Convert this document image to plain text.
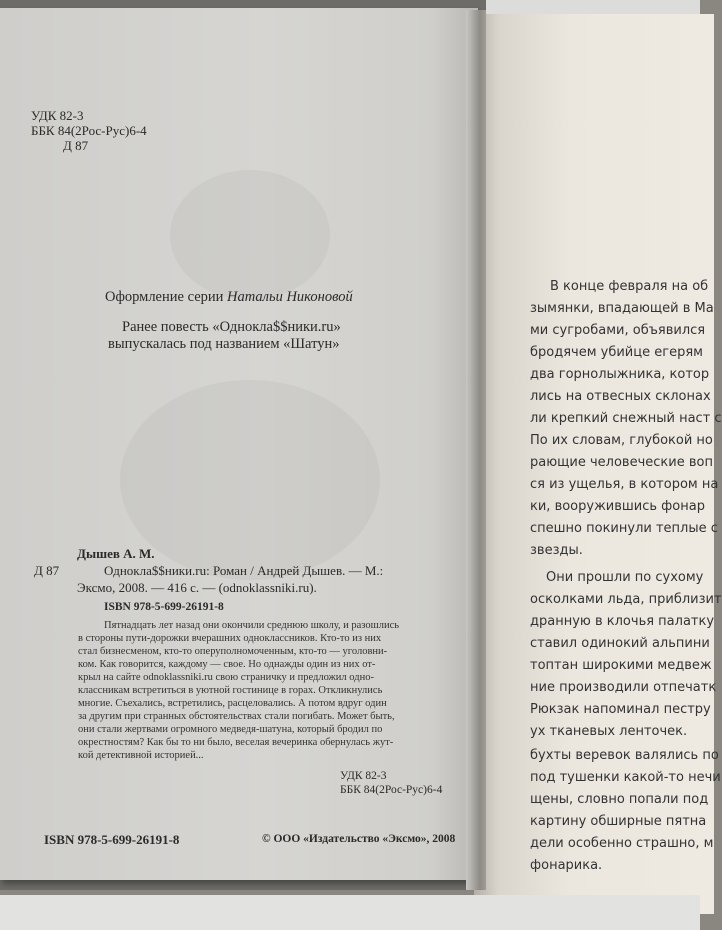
УДК 82-3
ББК 84(2Рос-Рус)6-4
Д 87
Оформление серии Натальи Никоновой
Ранее повесть «Однокла$$ники.ru»
выпускалась под названием «Шатун»
Д 87
Дышев А. М.
Однокла$$ники.ru: Роман / Андрей Дышев. — М.:
Эксмо, 2008. — 416 с. — (odnoklassniki.ru).
ISBN 978-5-699-26191-8
Пятнадцать лет назад они окончили среднюю школу, и разошлись
в стороны пути-дорожки вчерашних одноклассников. Кто-то из них
стал бизнесменом, кто-то оперуполномоченным, кто-то — уголовни-
ком. Как говорится, каждому — свое. Но однажды один из них от-
крыл на сайте odnoklassniki.ru свою страничку и предложил одно-
классникам встретиться в уютной гостинице в горах. Откликнулись
многие. Съехались, встретились, расцеловались. А потом вдруг один
за другим при странных обстоятельствах стали погибать. Может быть,
они стали жертвами огромного медведя-шатуна, который бродил по
окрестностям? Как бы то ни было, веселая вечеринка обернулась жут-
кой детективной историей...
УДК 82-3
ББК 84(2Рос-Рус)6-4
ISBN 978-5-699-26191-8	© ООО «Издательство «Эксмо», 2008
В конце февраля на об
зымянки, впадающей в Ма
ми сугробами, объявился
бродячем убийце егерям
два горнолыжника, котор
лись на отвесных склонах
ли крепкий снежный наст с
По их словам, глубокой но
рающие человеческие воп
ся из ущелья, в котором на
ки, вооружившись фонар
спешно покинули теплые с
звезды.
Они прошли по сухому
осколками льда, приблизит
дранную в клочья палатку
ставил одинокий альпини
топтан широкими медвеж
ние производили отпечатк
Рюкзак напоминал пестру
ух тканевых ленточек.
бухты веревок валялись по
под тушенки какой-то нечи
щены, словно попали под
картину обширные пятна
дели особенно страшно, м
фонарика.
